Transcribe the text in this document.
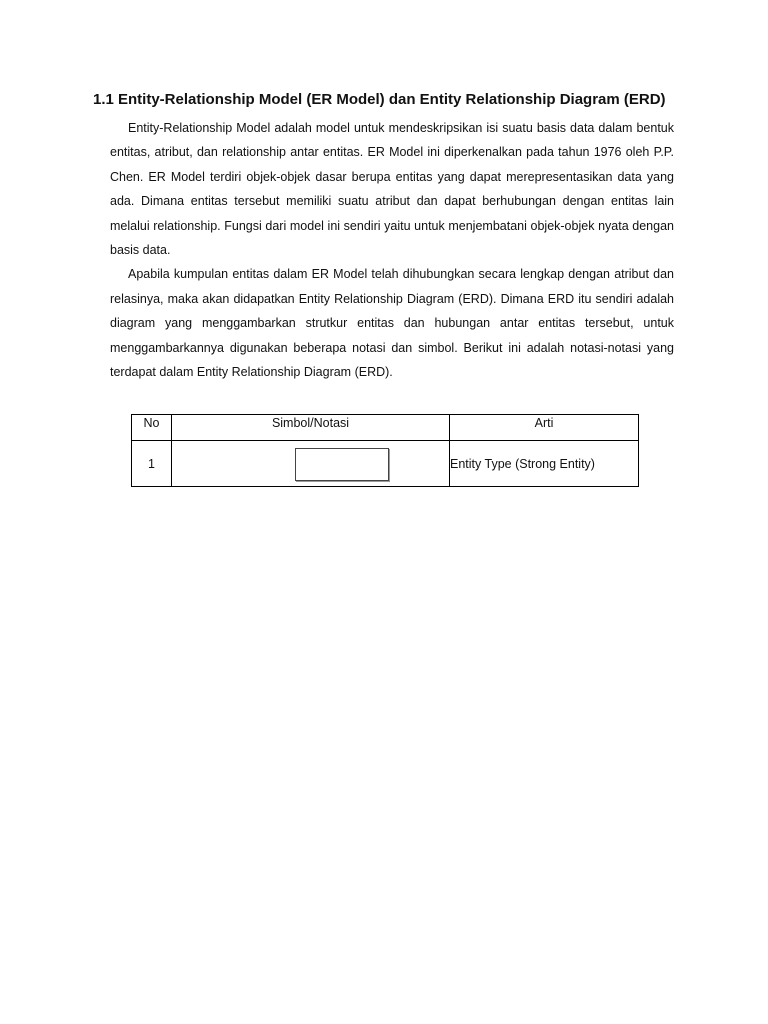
1.1 Entity-Relationship Model (ER Model) dan Entity Relationship Diagram (ERD)

Entity-Relationship Model adalah model untuk mendeskripsikan isi suatu basis data dalam bentuk entitas, atribut, dan relationship antar entitas. ER Model ini diperkenalkan pada tahun 1976 oleh P.P. Chen. ER Model terdiri objek-objek dasar berupa entitas yang dapat merepresentasikan data yang ada. Dimana entitas tersebut memiliki suatu atribut dan dapat berhubungan dengan entitas lain melalui relationship. Fungsi dari model ini sendiri yaitu untuk menjembatani objek-objek nyata dengan basis data.

Apabila kumpulan entitas dalam ER Model telah dihubungkan secara lengkap dengan atribut dan relasinya, maka akan didapatkan Entity Relationship Diagram (ERD). Dimana ERD itu sendiri adalah diagram yang menggambarkan strutkur entitas dan hubungan antar entitas tersebut, untuk menggambarkannya digunakan beberapa notasi dan simbol. Berikut ini adalah notasi-notasi yang terdapat dalam Entity Relationship Diagram (ERD).

No	Simbol/Notasi	Arti
1		Entity Type (Strong Entity)
